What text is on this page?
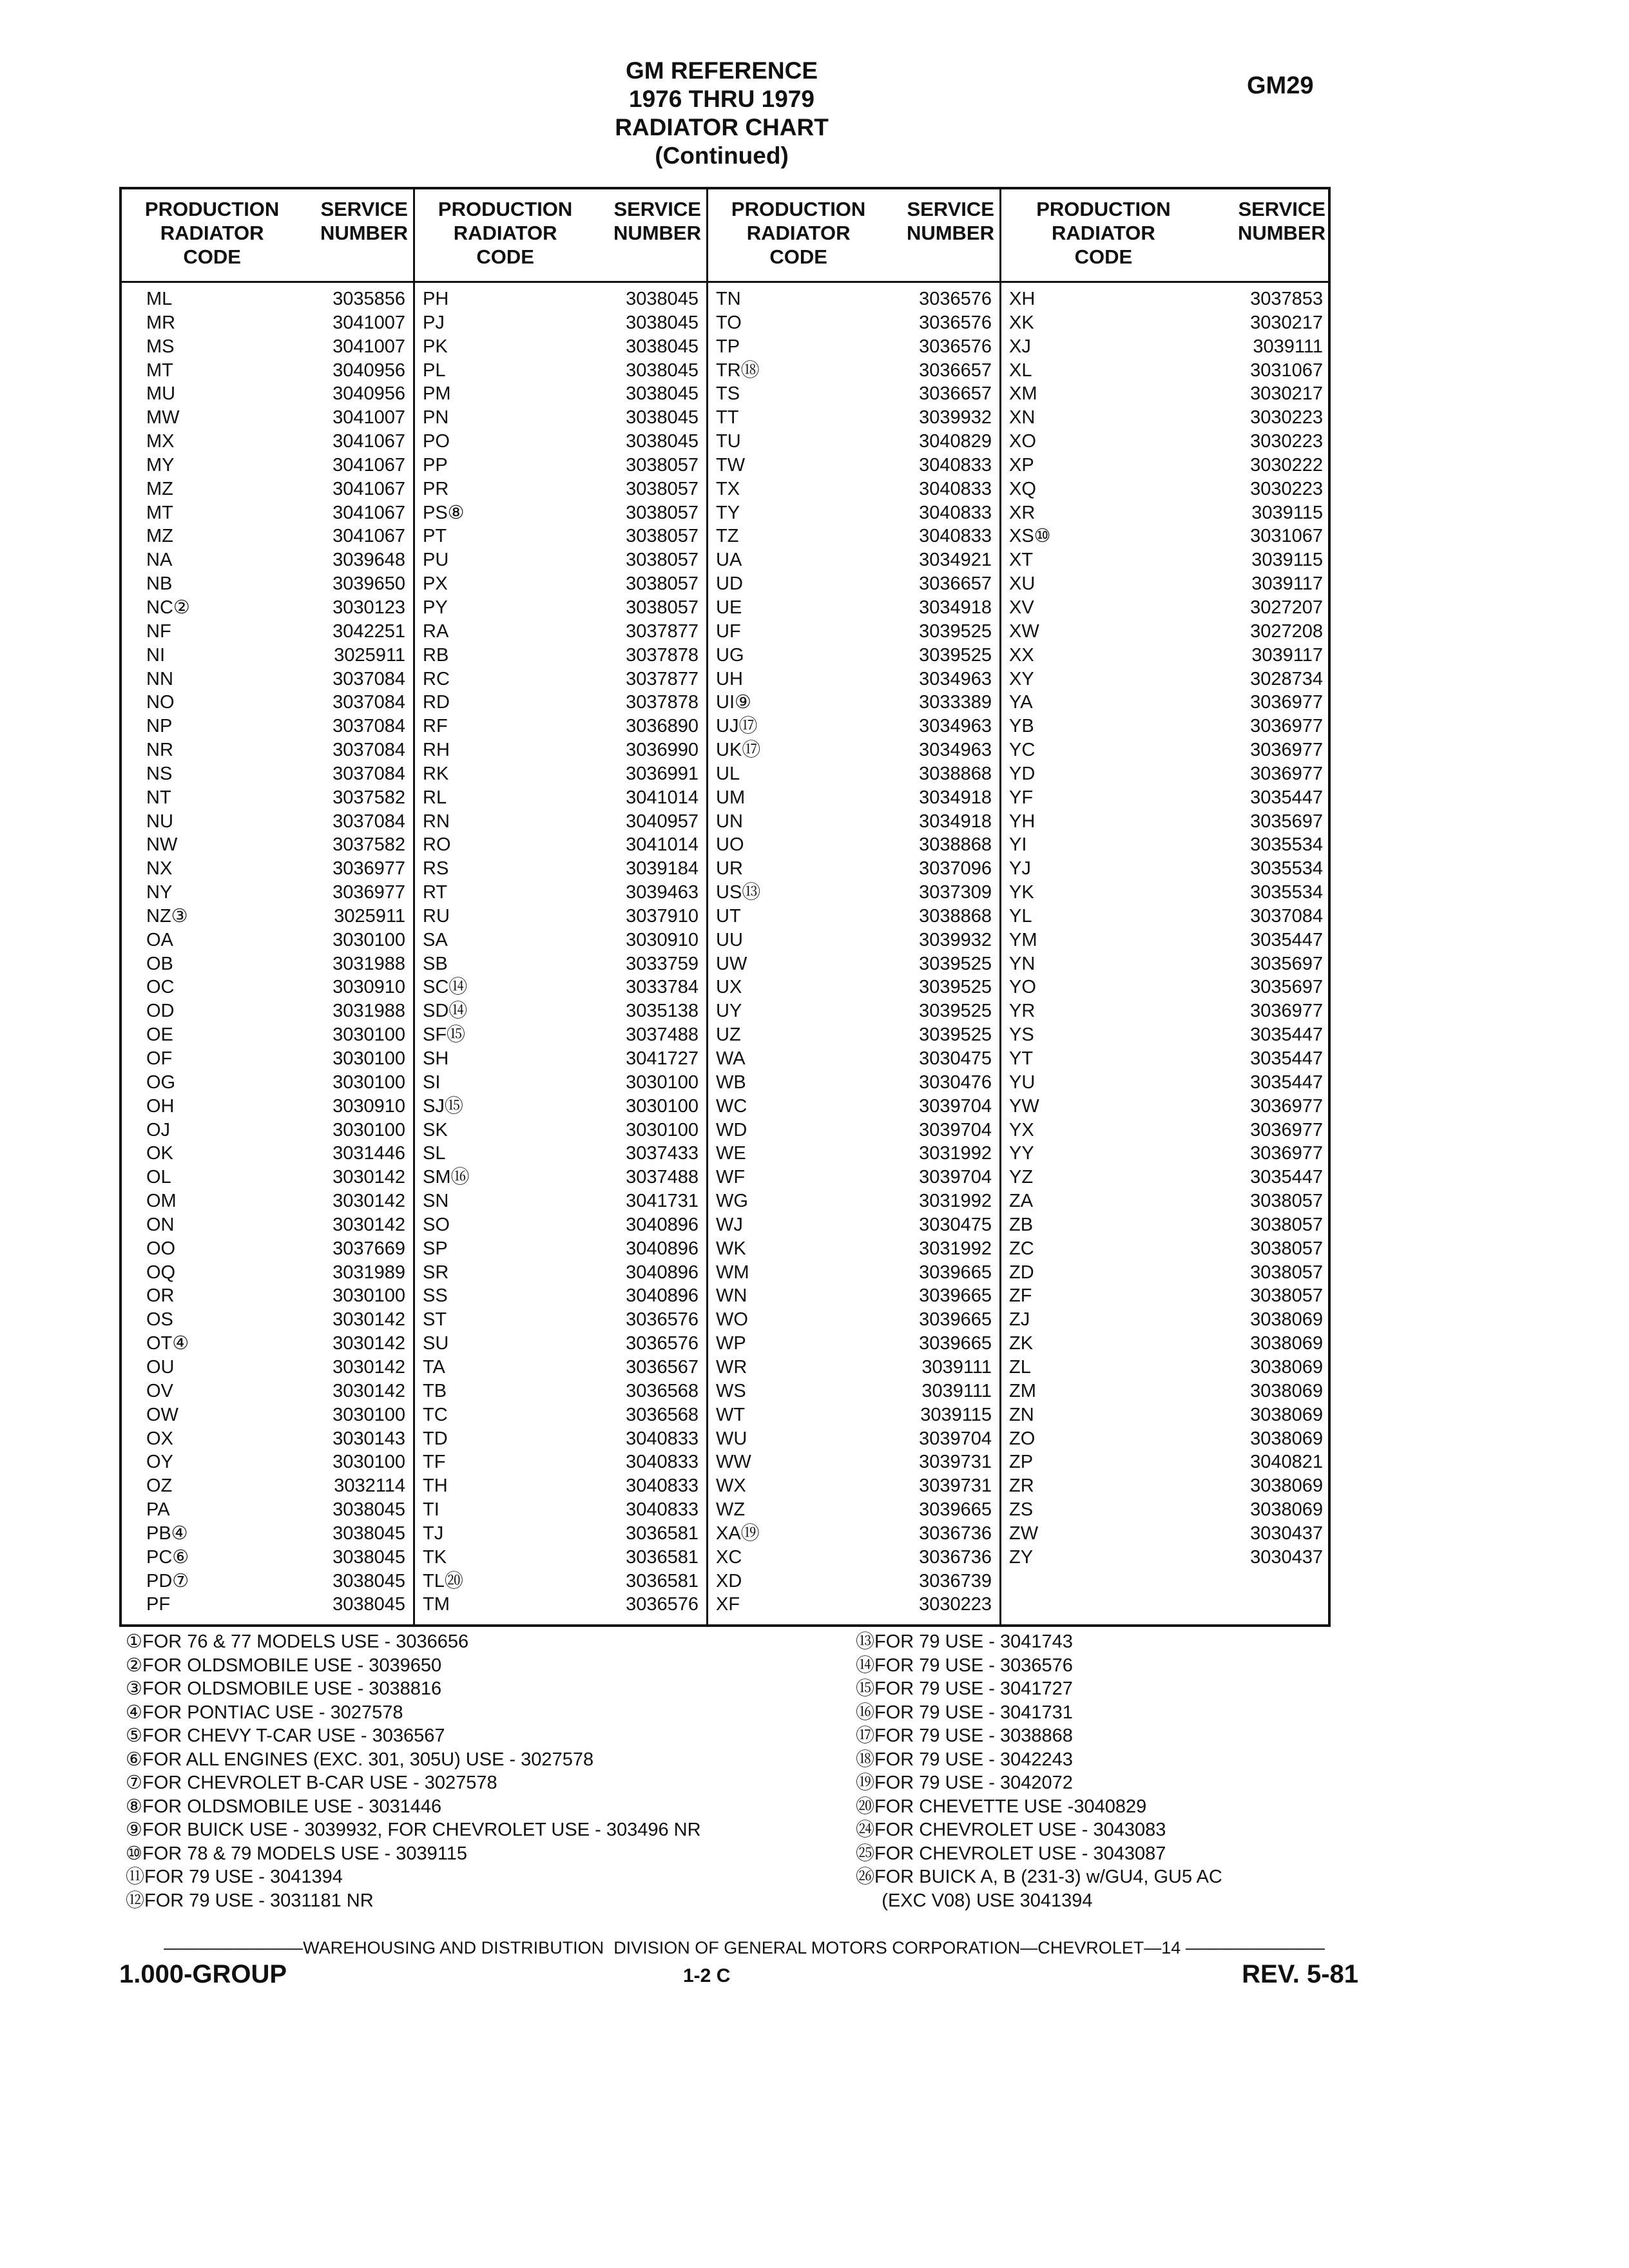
GM REFERENCE
1976 THRU 1979
RADIATOR CHART
(Continued)
GM29
PRODUCTION
RADIATOR
CODE
SERVICE
NUMBER
ML	3035856
MR	3041007
MS	3041007
MT	3040956
MU	3040956
MW	3041007
MX	3041067
MY	3041067
MZ	3041067
MT	3041067
MZ	3041067
NA	3039648
NB	3039650
NC②	3030123
NF	3042251
NI	3025911
NN	3037084
NO	3037084
NP	3037084
NR	3037084
NS	3037084
NT	3037582
NU	3037084
NW	3037582
NX	3036977
NY	3036977
NZ③	3025911
OA	3030100
OB	3031988
OC	3030910
OD	3031988
OE	3030100
OF	3030100
OG	3030100
OH	3030910
OJ	3030100
OK	3031446
OL	3030142
OM	3030142
ON	3030142
OO	3037669
OQ	3031989
OR	3030100
OS	3030142
OT④	3030142
OU	3030142
OV	3030142
OW	3030100
OX	3030143
OY	3030100
OZ	3032114
PA	3038045
PB④	3038045
PC⑥	3038045
PD⑦	3038045
PF	3038045
PRODUCTION
RADIATOR
CODE
SERVICE
NUMBER
PH	3038045
PJ	3038045
PK	3038045
PL	3038045
PM	3038045
PN	3038045
PO	3038045
PP	3038057
PR	3038057
PS⑧	3038057
PT	3038057
PU	3038057
PX	3038057
PY	3038057
RA	3037877
RB	3037878
RC	3037877
RD	3037878
RF	3036890
RH	3036990
RK	3036991
RL	3041014
RN	3040957
RO	3041014
RS	3039184
RT	3039463
RU	3037910
SA	3030910
SB	3033759
SC⑭	3033784
SD⑭	3035138
SF⑮	3037488
SH	3041727
SI	3030100
SJ⑮	3030100
SK	3030100
SL	3037433
SM⑯	3037488
SN	3041731
SO	3040896
SP	3040896
SR	3040896
SS	3040896
ST	3036576
SU	3036576
TA	3036567
TB	3036568
TC	3036568
TD	3040833
TF	3040833
TH	3040833
TI	3040833
TJ	3036581
TK	3036581
TL⑳	3036581
TM	3036576
PRODUCTION
RADIATOR
CODE
SERVICE
NUMBER
TN	3036576
TO	3036576
TP	3036576
TR⑱	3036657
TS	3036657
TT	3039932
TU	3040829
TW	3040833
TX	3040833
TY	3040833
TZ	3040833
UA	3034921
UD	3036657
UE	3034918
UF	3039525
UG	3039525
UH	3034963
UI⑨	3033389
UJ⑰	3034963
UK⑰	3034963
UL	3038868
UM	3034918
UN	3034918
UO	3038868
UR	3037096
US⑬	3037309
UT	3038868
UU	3039932
UW	3039525
UX	3039525
UY	3039525
UZ	3039525
WA	3030475
WB	3030476
WC	3039704
WD	3039704
WE	3031992
WF	3039704
WG	3031992
WJ	3030475
WK	3031992
WM	3039665
WN	3039665
WO	3039665
WP	3039665
WR	3039111
WS	3039111
WT	3039115
WU	3039704
WW	3039731
WX	3039731
WZ	3039665
XA⑲	3036736
XC	3036736
XD	3036739
XF	3030223
PRODUCTION
RADIATOR
CODE
SERVICE
NUMBER
XH	3037853
XK	3030217
XJ	3039111
XL	3031067
XM	3030217
XN	3030223
XO	3030223
XP	3030222
XQ	3030223
XR	3039115
XS⑩	3031067
XT	3039115
XU	3039117
XV	3027207
XW	3027208
XX	3039117
XY	3028734
YA	3036977
YB	3036977
YC	3036977
YD	3036977
YF	3035447
YH	3035697
YI	3035534
YJ	3035534
YK	3035534
YL	3037084
YM	3035447
YN	3035697
YO	3035697
YR	3036977
YS	3035447
YT	3035447
YU	3035447
YW	3036977
YX	3036977
YY	3036977
YZ	3035447
ZA	3038057
ZB	3038057
ZC	3038057
ZD	3038057
ZF	3038057
ZJ	3038069
ZK	3038069
ZL	3038069
ZM	3038069
ZN	3038069
ZO	3038069
ZP	3040821
ZR	3038069
ZS	3038069
ZW	3030437
ZY	3030437
①FOR 76 & 77 MODELS USE - 3036656
②FOR OLDSMOBILE USE - 3039650
③FOR OLDSMOBILE USE - 3038816
④FOR PONTIAC USE - 3027578
⑤FOR CHEVY T-CAR USE - 3036567
⑥FOR ALL ENGINES (EXC. 301, 305U) USE - 3027578
⑦FOR CHEVROLET B-CAR USE - 3027578
⑧FOR OLDSMOBILE USE - 3031446
⑨FOR BUICK USE - 3039932, FOR CHEVROLET USE - 303496 NR
⑩FOR 78 & 79 MODELS USE - 3039115
⑪FOR 79 USE - 3041394
⑫FOR 79 USE - 3031181 NR
⑬FOR 79 USE - 3041743
⑭FOR 79 USE - 3036576
⑮FOR 79 USE - 3041727
⑯FOR 79 USE - 3041731
⑰FOR 79 USE - 3038868
⑱FOR 79 USE - 3042243
⑲FOR 79 USE - 3042072
⑳FOR CHEVETTE USE -3040829
㉔FOR CHEVROLET USE - 3043083
㉕FOR CHEVROLET USE - 3043087
㉖FOR BUICK A, B (231-3) w/GU4, GU5 AC
(EXC V08) USE 3041394
————————WAREHOUSING AND DISTRIBUTION  DIVISION OF GENERAL MOTORS CORPORATION—CHEVROLET—14 ————————
1.000-GROUP	1-2 C	REV. 5-81
